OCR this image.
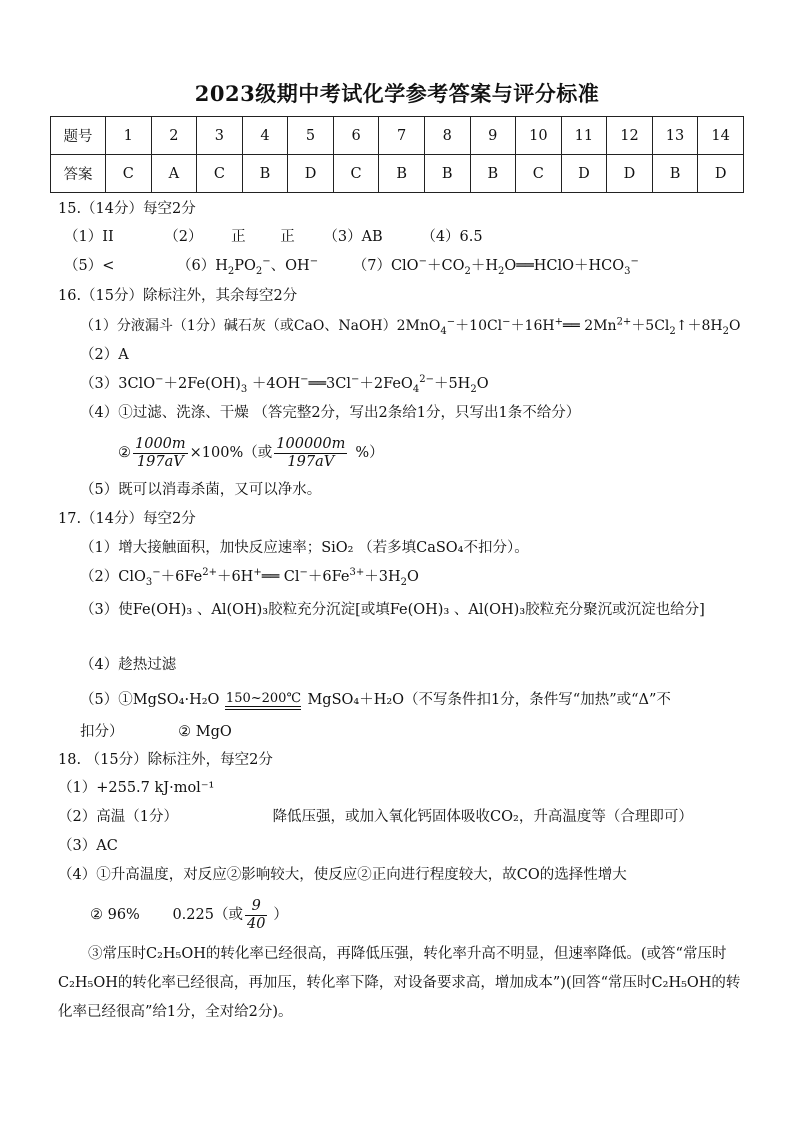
2023级期中考试化学参考答案与评分标准
题号	1	2	3	4	5	6	7	8	9	10	11	12	13	14
答案	C	A	C	B	D	C	B	B	B	C	D	D	B	D
15.（14分）每空2分
（1）II	（2） 正 正 （3）AB	（4）6.5
（5）<	$(6)H_2PO_2^-$、OH− $(7)ClO^-+CO_2+H_2O══HClO+HCO_3^-$
16.（15分）除标注外，其余每空2分
（1）分液漏斗（1分）碱石灰（或CaO、NaOH）2MnO$_4$−＋10Cl−＋16H+══ $2Mn^{2+}+5Cl_2↑+8H_2O$
（2）A
$(3)3ClO^-+2Fe(OH)_3$ $+4OH^-══3Cl^-+2FeO_4^{2-}+5H_2O$
（4）①过滤、洗涤、干燥 （答完整2分，写出2条给1分，只写出1条不给分）
② $\frac{1000m}{197aV} \times 100\%$（或 $\frac{100000m}{197aV}$ %）
（5）既可以消毒杀菌，又可以净水。
17.（14分）每空2分
（1）增大接触面积，加快反应速率；SiO₂ （若多填CaSO₄不扣分）。
$(2)ClO_3^-+6Fe^{2+}+6H^+══$ $Cl^-+6Fe^{3+}+3H_2O$
（3）使Fe(OH)₃ 、Al(OH)₃胶粒充分沉淀[或填Fe(OH)₃ 、Al(OH)₃胶粒充分聚沉或沉淀也给分]
（4）趁热过滤
（5）①MgSO₄·H₂O 150~200℃ MgSO₄＋H₂O（不写条件扣1分，条件写“加热”或“Δ”不
扣分）	② MgO
18. （15分）除标注外，每空2分
（1）+255.7 kJ·mol⁻¹
（2）高温（1分）	降低压强，或加入氧化钙固体吸收CO₂，升高温度等（合理即可）
（3）AC
（4）①升高温度，对反应②影响较大，使反应②正向进行程度较大，故CO的选择性增大
② 96% 0.225（或 $\frac{9}{40}$ ）
③常压时C₂H₅OH的转化率已经很高，再降低压强，转化率升高不明显，但速率降低。(或答“常压时C₂H₅OH的转化率已经很高，再加压，转化率下降，对设备要求高，增加成本”)(回答“常压时C₂H₅OH的转化率已经很高”给1分，全对给2分)。
